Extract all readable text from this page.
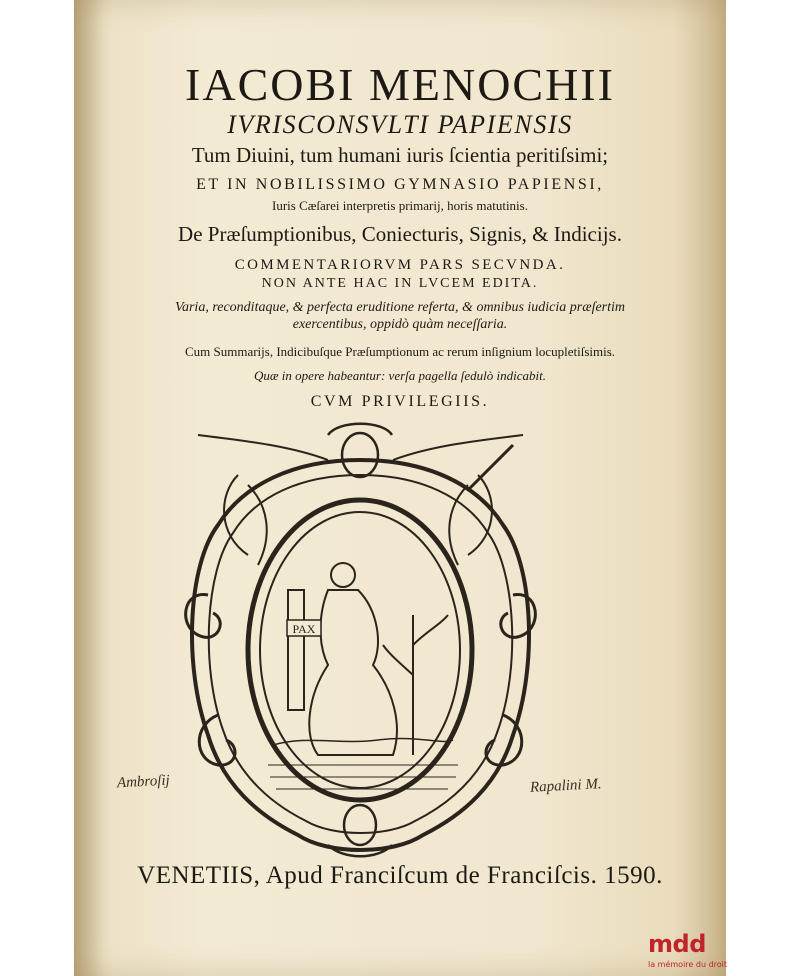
IACOBI MENOCHII
IVRISCONSVLTI PAPIENSIS
Tum Diuini, tum humani iuris ſcientia peritiſsimi;
ET IN NOBILISSIMO GYMNASIO PAPIENSI,
Iuris Cæſarei interpretis primarij, horis matutinis.
De Præſumptionibus, Coniecturis, Signis, & Indicijs.
COMMENTARIORVM PARS SECVNDA.
NON ANTE HAC IN LVCEM EDITA.
Varia, reconditaque, & perfecta eruditione referta, & omnibus iudicia præſertim
exercentibus, oppidò quàm neceſſaria.
Cum Summarijs, Indicibuſque Præſumptionum ac rerum inſignium locupletiſsimis.
Quæ in opere habeantur: verſa pagella ſedulò indicabit.
CVM PRIVILEGIIS.
PAX
Ambroſij	Rapalini M.
VENETIIS, Apud Franciſcum de Franciſcis. 1590.
mdd
la mémoire du droit
